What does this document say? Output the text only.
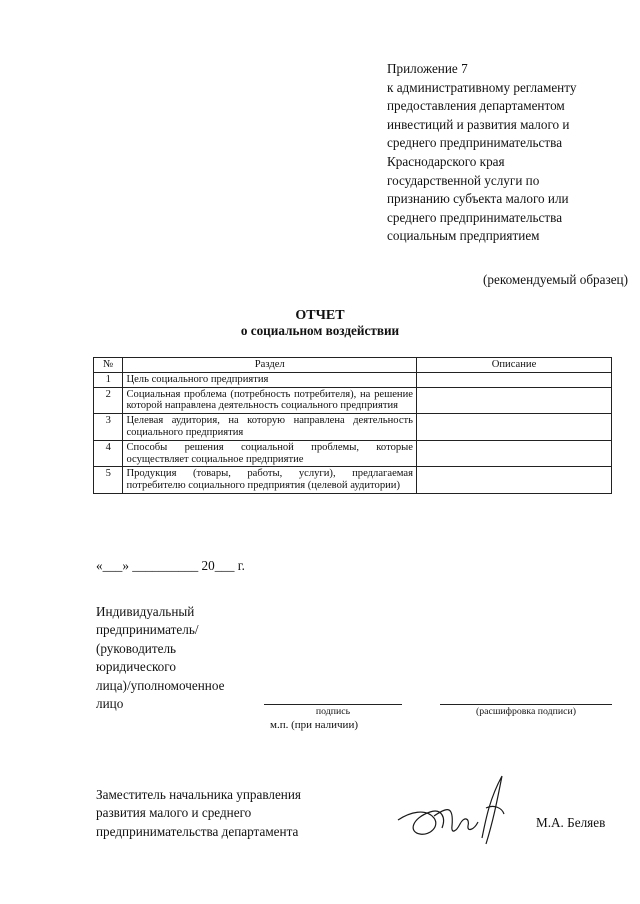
Приложение 7
к административному регламенту
предоставления департаментом
инвестиций и развития малого и
среднего предпринимательства
Краснодарского края
государственной услуги по
признанию субъекта малого или
среднего предпринимательства
социальным предприятием
(рекомендуемый образец)
ОТЧЕТ
о социальном воздействии
№	Раздел	Описание
1	Цель социального предприятия	
2	Социальная проблема (потребность потребителя), на решение которой направлена деятельность социального предприятия	
3	Целевая аудитория, на которую направлена деятельность социального предприятия	
4	Способы решения социальной проблемы, которые осуществляет социальное предприятие	
5	Продукция (товары, работы, услуги), предлагаемая потребителю социального предприятия (целевой аудитории)	
«___» __________ 20___ г.
Индивидуальный
предприниматель/
(руководитель
юридического
лица)/уполномоченное
лицо
подпись	(расшифровка подписи)
м.п. (при наличии)
Заместитель начальника управления
развития малого и среднего
предпринимательства департамента
М.А. Беляев
